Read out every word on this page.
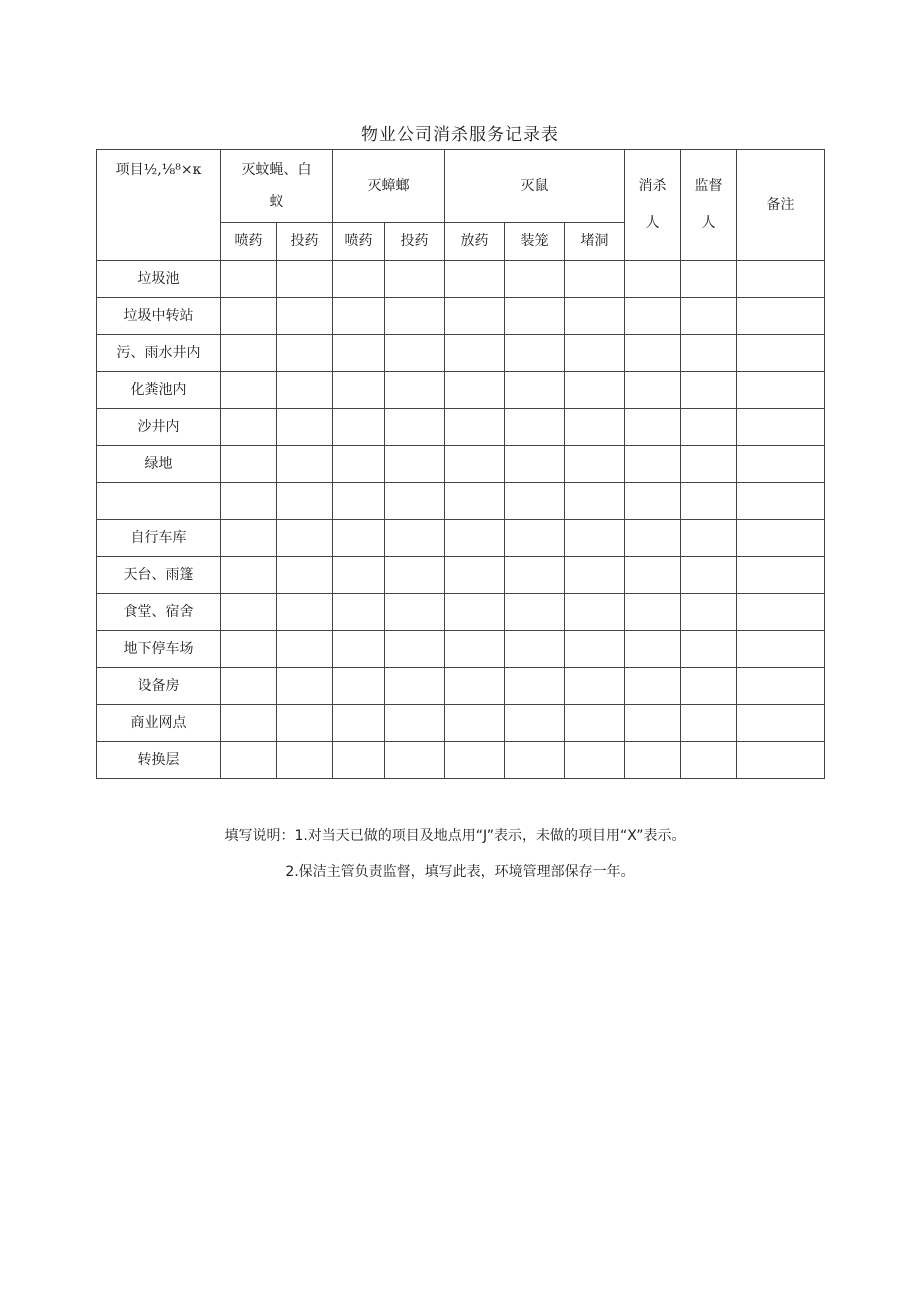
物业公司消杀服务记录表
项目½,⅛⁸×κ	灭蚊蝇、白蚁		灭蟑螂		灭鼠			消杀人	监督人	备注
	喷药	投药	喷药	投药	放药	装笼	堵洞			
垃圾池										
垃圾中转站										
污、雨水井内										
化粪池内										
沙井内										
绿地										

自行车库										
天台、雨篷										
食堂、宿舍										
地下停车场										
设备房										
商业网点										
转换层										
填写说明：1.对当天已做的项目及地点用“J”表示，未做的项目用“X”表示。
2.保洁主管负责监督，填写此表，环境管理部保存一年。
